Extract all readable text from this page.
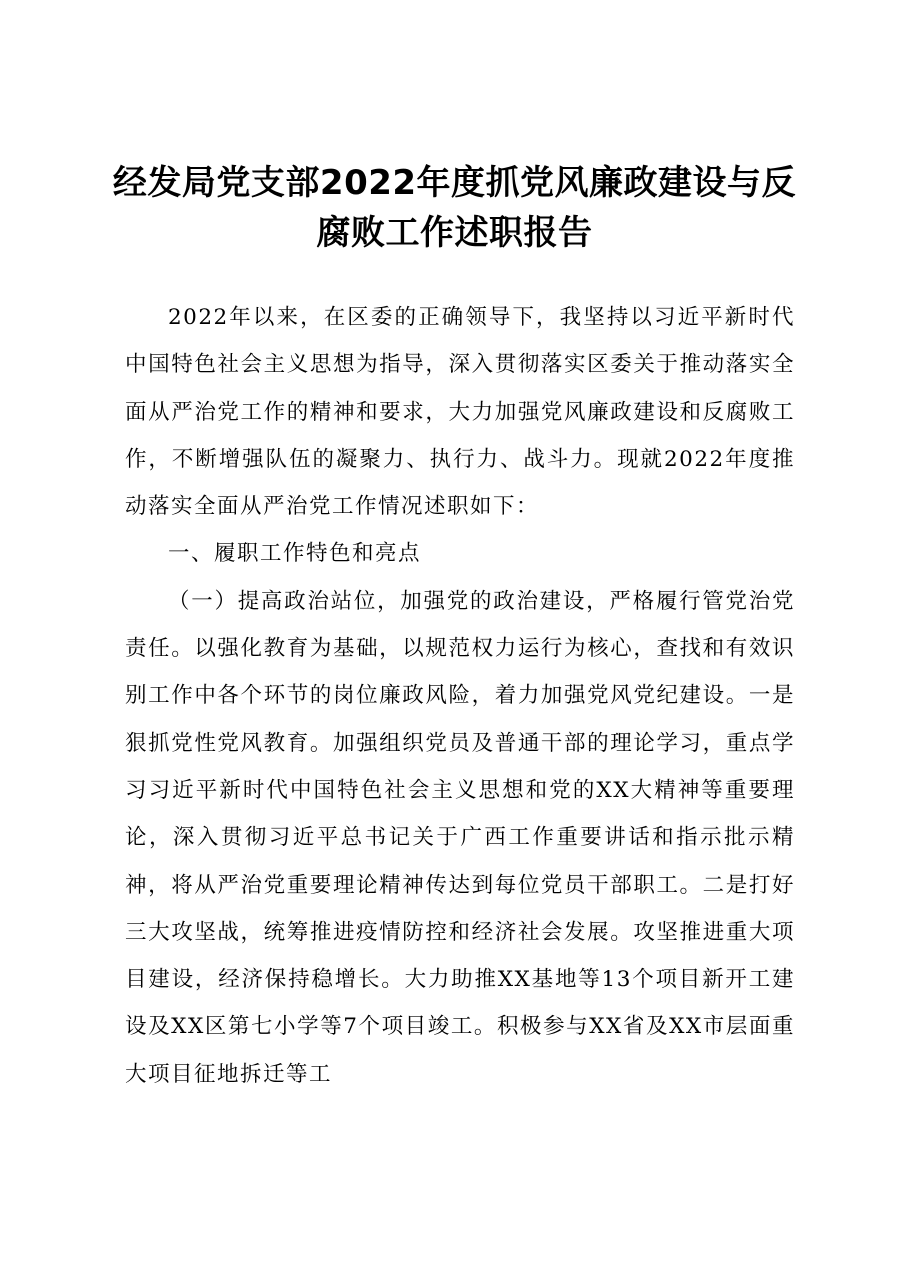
经发局党支部2022年度抓党风廉政建设与反
腐败工作述职报告

2022年以来，在区委的正确领导下，我坚持以习近平新时代中国特色社会主义思想为指导，深入贯彻落实区委关于推动落实全面从严治党工作的精神和要求，大力加强党风廉政建设和反腐败工作，不断增强队伍的凝聚力、执行力、战斗力。现就2022年度推动落实全面从严治党工作情况述职如下：

一、履职工作特色和亮点

（一）提高政治站位，加强党的政治建设，严格履行管党治党责任。以强化教育为基础，以规范权力运行为核心，查找和有效识别工作中各个环节的岗位廉政风险，着力加强党风党纪建设。一是狠抓党性党风教育。加强组织党员及普通干部的理论学习，重点学习习近平新时代中国特色社会主义思想和党的XX大精神等重要理论，深入贯彻习近平总书记关于广西工作重要讲话和指示批示精神，将从严治党重要理论精神传达到每位党员干部职工。二是打好三大攻坚战，统筹推进疫情防控和经济社会发展。攻坚推进重大项目建设，经济保持稳增长。大力助推XX基地等13个项目新开工建设及XX区第七小学等7个项目竣工。积极参与XX省及XX市层面重大项目征地拆迁等工
